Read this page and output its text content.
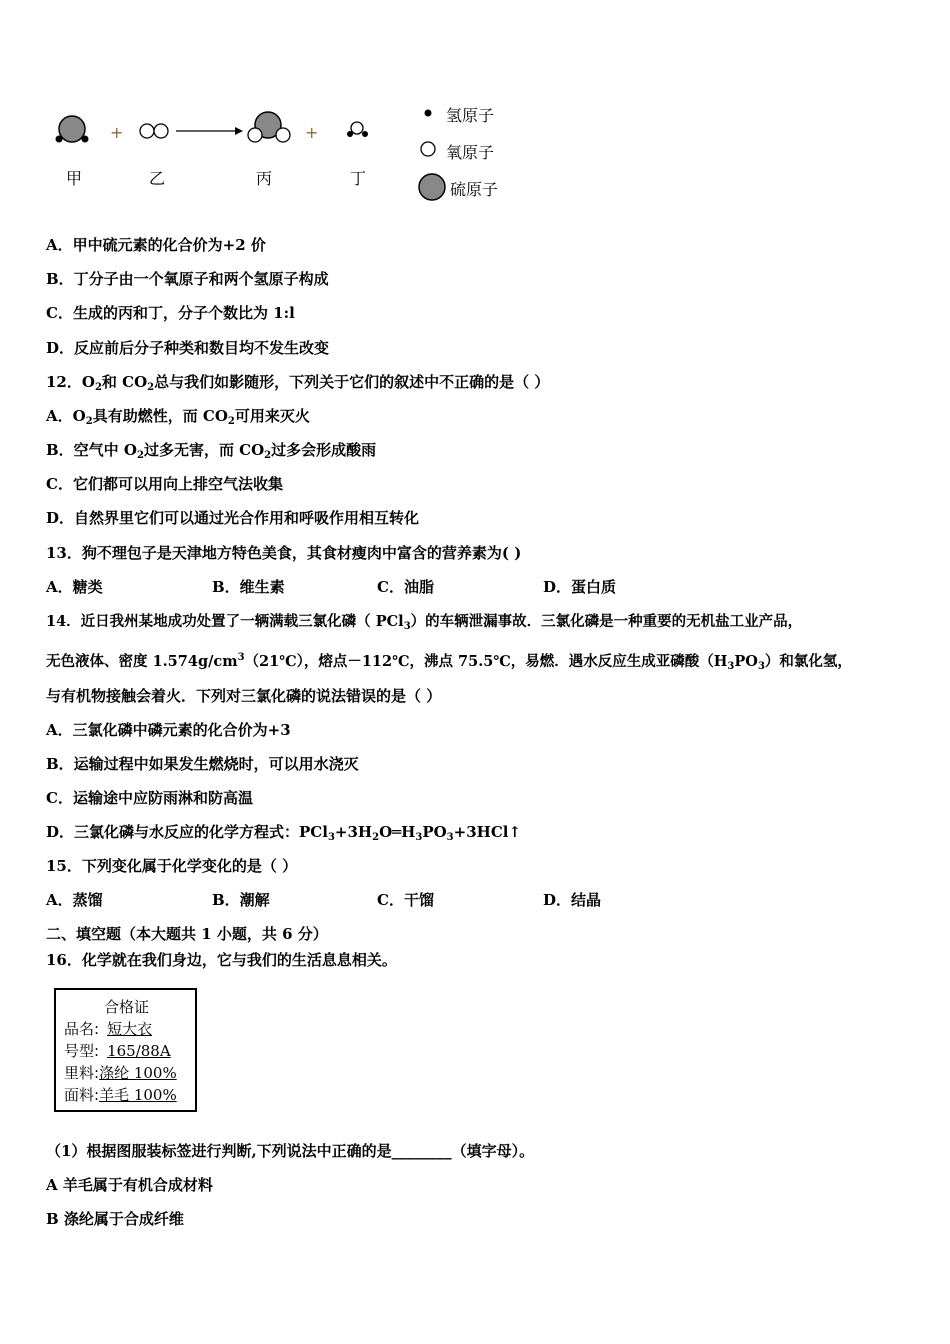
+	+
甲	乙	丙	丁
氢原子
氧原子
硫原子
A．甲中硫元素的化合价为+2 价
B．丁分子由一个氧原子和两个氢原子构成
C．生成的丙和丁，分子个数比为 1:l
D．反应前后分子种类和数目均不发生改变
12．$O_2$和 $CO_2$总与我们如影随形，下列关于它们的叙述中不正确的是（ ）
A．$O_2$具有助燃性，而 $CO_2$可用来灭火
B．空气中 $O_2$过多无害，而 $CO_2$过多会形成酸雨
C．它们都可以用向上排空气法收集
D．自然界里它们可以通过光合作用和呼吸作用相互转化
13．狗不理包子是天津地方特色美食，其食材瘦肉中富含的营养素为( )
A．糖类	B．维生素	C．油脂	D．蛋白质
14．近日我州某地成功处置了一辆满载三氯化磷（ PCl$_3$）的车辆泄漏事故．三氯化磷是一种重要的无机盐工业产品，
无色液体、密度 $1.574g/cm^3(21℃)$，熔点－112℃，沸点 75.5℃，易燃．遇水反应生成亚磷酸$(H_3PO_3)$和氯化氢，
与有机物接触会着火．下列对三氯化磷的说法错误的是（ ）
A．三氯化磷中磷元素的化合价为+3
B．运输过程中如果发生燃烧时，可以用水浇灭
C．运输途中应防雨淋和防高温
D．三氯化磷与水反应的化学方程式：$PCl_3+3H_2O═H_3PO_3+3HCl↑$
15．下列变化属于化学变化的是（ ）
A．蒸馏	B．潮解	C．干馏	D．结晶
二、填空题（本大题共 1 小题，共 6 分）
16．化学就在我们身边，它与我们的生活息息相关。
合格证
品名: 短大衣
号型: 165/88A
里料:涤纶 100%
面料:羊毛 100%
（1）根据图服装标签进行判断,下列说法中正确的是________（填字母）。
A 羊毛属于有机合成材料
B 涤纶属于合成纤维
